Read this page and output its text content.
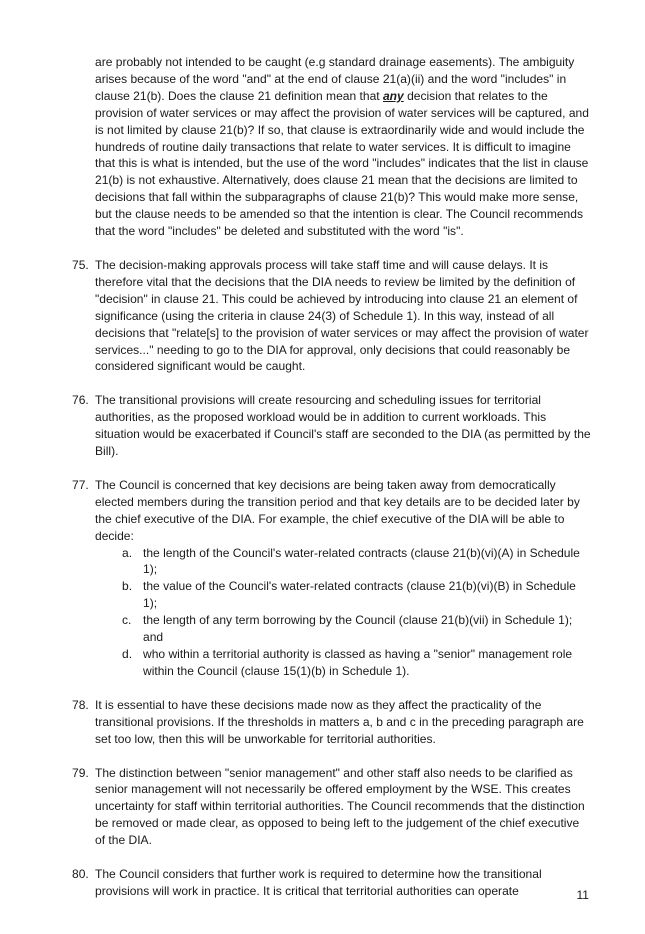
are probably not intended to be caught (e.g standard drainage easements). The ambiguity arises because of the word "and" at the end of clause 21(a)(ii) and the word "includes" in clause 21(b). Does the clause 21 definition mean that any decision that relates to the provision of water services or may affect the provision of water services will be captured, and is not limited by clause 21(b)? If so, that clause is extraordinarily wide and would include the hundreds of routine daily transactions that relate to water services. It is difficult to imagine that this is what is intended, but the use of the word "includes" indicates that the list in clause 21(b) is not exhaustive. Alternatively, does clause 21 mean that the decisions are limited to decisions that fall within the subparagraphs of clause 21(b)? This would make more sense, but the clause needs to be amended so that the intention is clear. The Council recommends that the word "includes" be deleted and substituted with the word "is".

75. The decision-making approvals process will take staff time and will cause delays. It is therefore vital that the decisions that the DIA needs to review be limited by the definition of "decision" in clause 21. This could be achieved by introducing into clause 21 an element of significance (using the criteria in clause 24(3) of Schedule 1). In this way, instead of all decisions that "relate[s] to the provision of water services or may affect the provision of water services..." needing to go to the DIA for approval, only decisions that could reasonably be considered significant would be caught.

76. The transitional provisions will create resourcing and scheduling issues for territorial authorities, as the proposed workload would be in addition to current workloads. This situation would be exacerbated if Council's staff are seconded to the DIA (as permitted by the Bill).

77. The Council is concerned that key decisions are being taken away from democratically elected members during the transition period and that key details are to be decided later by the chief executive of the DIA. For example, the chief executive of the DIA will be able to decide:

a. the length of the Council's water-related contracts (clause 21(b)(vi)(A) in Schedule 1);
b. the value of the Council's water-related contracts (clause 21(b)(vi)(B) in Schedule 1);
c. the length of any term borrowing by the Council (clause 21(b)(vii) in Schedule 1); and
d. who within a territorial authority is classed as having a "senior" management role within the Council (clause 15(1)(b) in Schedule 1).
78. It is essential to have these decisions made now as they affect the practicality of the transitional provisions. If the thresholds in matters a, b and c in the preceding paragraph are set too low, then this will be unworkable for territorial authorities.

79. The distinction between "senior management" and other staff also needs to be clarified as senior management will not necessarily be offered employment by the WSE. This creates uncertainty for staff within territorial authorities. The Council recommends that the distinction be removed or made clear, as opposed to being left to the judgement of the chief executive of the DIA.

80. The Council considers that further work is required to determine how the transitional provisions will work in practice. It is critical that territorial authorities can operate	11
